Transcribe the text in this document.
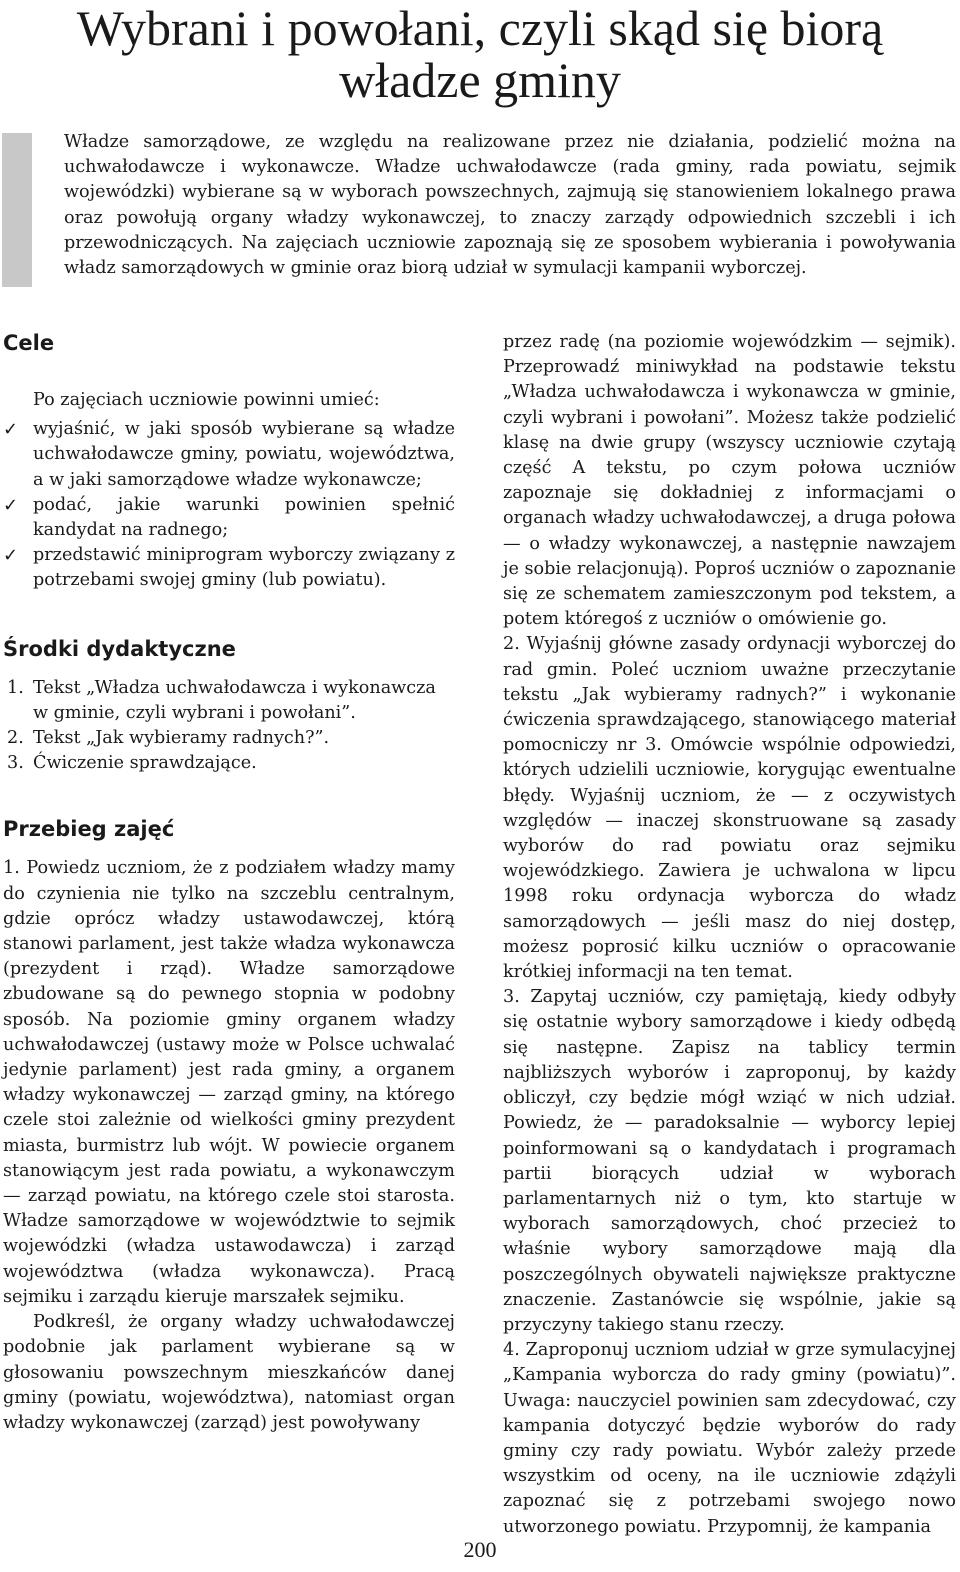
Wybrani i powołani, czyli skąd się biorą władze gminy

Władze samorządowe, ze względu na realizowane przez nie działania, podzielić można na uchwałodawcze i wykonawcze. Władze uchwałodawcze (rada gminy, rada powiatu, sejmik wojewódzki) wybierane są w wyborach powszechnych, zajmują się stanowieniem lokalnego prawa oraz powołują organy władzy wykonawczej, to znaczy zarządy odpowiednich szczebli i ich przewodniczących. Na zajęciach uczniowie zapoznają się ze sposobem wybierania i powoływania władz samorządowych w gminie oraz biorą udział w symulacji kampanii wyborczej.

Cele

Po zajęciach uczniowie powinni umieć:

✓ wyjaśnić, w jaki sposób wybierane są władze uchwałodawcze gminy, powiatu, województwa, a w jaki samorządowe władze wykonawcze;
✓ podać, jakie warunki powinien spełnić kandydat na radnego;
✓ przedstawić miniprogram wyborczy związany z potrzebami swojej gminy (lub powiatu).
Środki dydaktyczne
1. Tekst „Władza uchwałodawcza i wykonawcza w gminie, czyli wybrani i powołani”.
2. Tekst „Jak wybieramy radnych?”.
3. Ćwiczenie sprawdzające.
Przebieg zajęć

1. Powiedz uczniom, że z podziałem władzy mamy do czynienia nie tylko na szczeblu centralnym, gdzie oprócz władzy ustawodawczej, którą stanowi parlament, jest także władza wykonawcza (prezydent i rząd). Władze samorządowe zbudowane są do pewnego stopnia w podobny sposób. Na poziomie gminy organem władzy uchwałodawczej (ustawy może w Polsce uchwalać jedynie parlament) jest rada gminy, a organem władzy wykonawczej — zarząd gminy, na którego czele stoi zależnie od wielkości gminy prezydent miasta, burmistrz lub wójt. W powiecie organem stanowiącym jest rada powiatu, a wykonawczym — zarząd powiatu, na którego czele stoi starosta. Władze samorządowe w województwie to sejmik wojewódzki (władza ustawodawcza) i zarząd województwa (władza wykonawcza). Pracą sejmiku i zarządu kieruje marszałek sejmiku.

Podkreśl, że organy władzy uchwałodawczej podobnie jak parlament wybierane są w głosowaniu powszechnym mieszkańców danej gminy (powiatu, województwa), natomiast organ władzy wykonawczej (zarząd) jest powoływany

przez radę (na poziomie wojewódzkim — sejmik). Przeprowadź miniwykład na podstawie tekstu „Władza uchwałodawcza i wykonawcza w gminie, czyli wybrani i powołani”. Możesz także podzielić klasę na dwie grupy (wszyscy uczniowie czytają część A tekstu, po czym połowa uczniów zapoznaje się dokładniej z informacjami o organach władzy uchwałodawczej, a druga połowa — o władzy wykonawczej, a następnie nawzajem je sobie relacjonują). Poproś uczniów o zapoznanie się ze schematem zamieszczonym pod tekstem, a potem któregoś z uczniów o omówienie go.

2. Wyjaśnij główne zasady ordynacji wyborczej do rad gmin. Poleć uczniom uważne przeczytanie tekstu „Jak wybieramy radnych?” i wykonanie ćwiczenia sprawdzającego, stanowiącego materiał pomocniczy nr 3. Omówcie wspólnie odpowiedzi, których udzielili uczniowie, korygując ewentualne błędy. Wyjaśnij uczniom, że — z oczywistych względów — inaczej skonstruowane są zasady wyborów do rad powiatu oraz sejmiku wojewódzkiego. Zawiera je uchwalona w lipcu 1998 roku ordynacja wyborcza do władz samorządowych — jeśli masz do niej dostęp, możesz poprosić kilku uczniów o opracowanie krótkiej informacji na ten temat.

3. Zapytaj uczniów, czy pamiętają, kiedy odbyły się ostatnie wybory samorządowe i kiedy odbędą się następne. Zapisz na tablicy termin najbliższych wyborów i zaproponuj, by każdy obliczył, czy będzie mógł wziąć w nich udział. Powiedz, że — paradoksalnie — wyborcy lepiej poinformowani są o kandydatach i programach partii biorących udział w wyborach parlamentarnych niż o tym, kto startuje w wyborach samorządowych, choć przecież to właśnie wybory samorządowe mają dla poszczególnych obywateli największe praktyczne znaczenie. Zastanówcie się wspólnie, jakie są przyczyny takiego stanu rzeczy.

4. Zaproponuj uczniom udział w grze symulacyjnej „Kampania wyborcza do rady gminy (powiatu)”. Uwaga: nauczyciel powinien sam zdecydować, czy kampania dotyczyć będzie wyborów do rady gminy czy rady powiatu. Wybór zależy przede wszystkim od oceny, na ile uczniowie zdążyli zapoznać się z potrzebami swojego nowo utworzonego powiatu. Przypomnij, że kampania

200
